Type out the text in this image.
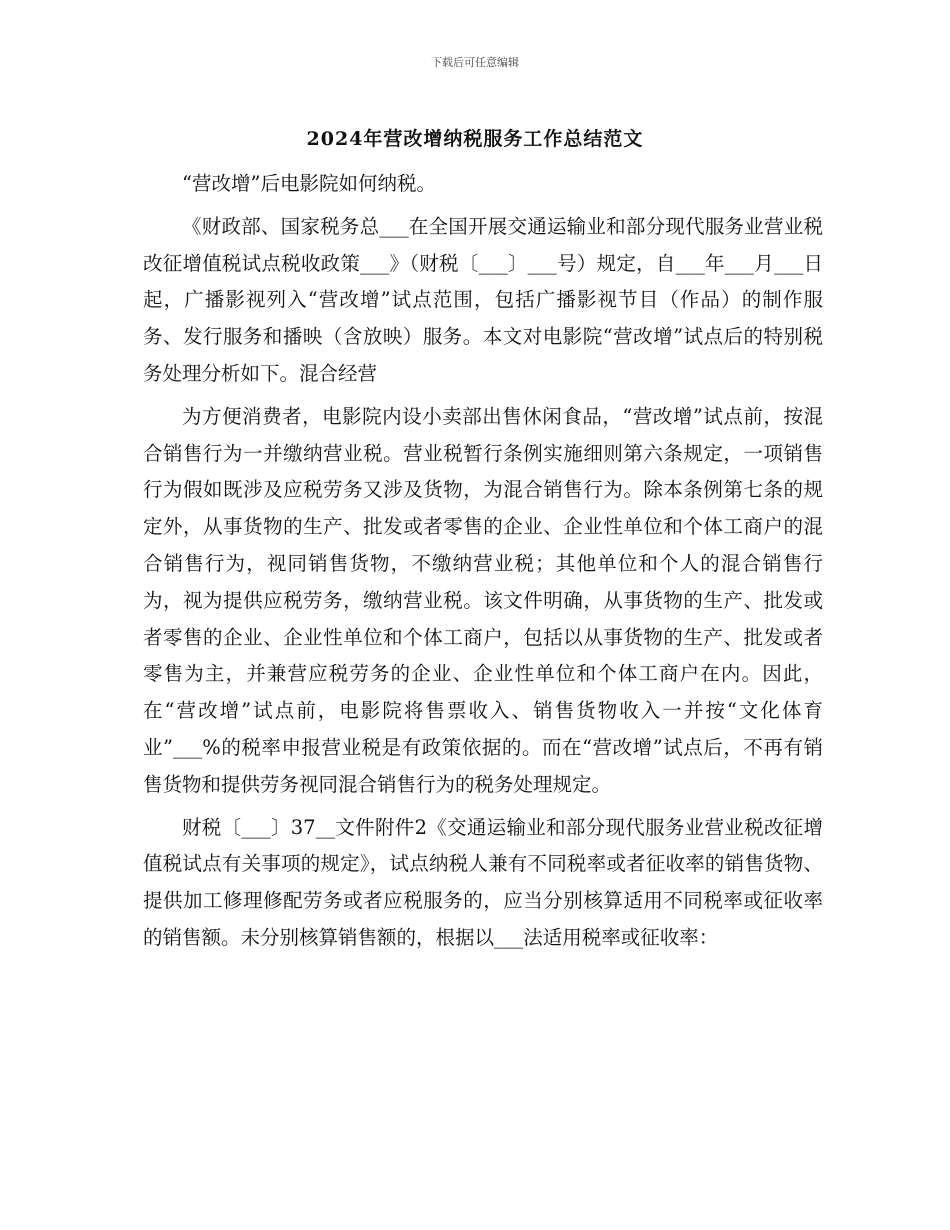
下载后可任意编辑
2024年营改增纳税服务工作总结范文

“营改增”后电影院如何纳税。

《财政部、国家税务总___在全国开展交通运输业和部分现代服务业营业税改征增值税试点税收政策___》（财税〔___〕___号）规定，自___年___月___日起，广播影视列入“营改增”试点范围，包括广播影视节目（作品）的制作服务、发行服务和播映（含放映）服务。本文对电影院“营改增”试点后的特别税务处理分析如下。混合经营

为方便消费者，电影院内设小卖部出售休闲食品，“营改增”试点前，按混合销售行为一并缴纳营业税。营业税暂行条例实施细则第六条规定，一项销售行为假如既涉及应税劳务又涉及货物，为混合销售行为。除本条例第七条的规定外，从事货物的生产、批发或者零售的企业、企业性单位和个体工商户的混合销售行为，视同销售货物，不缴纳营业税；其他单位和个人的混合销售行为，视为提供应税劳务，缴纳营业税。该文件明确，从事货物的生产、批发或者零售的企业、企业性单位和个体工商户，包括以从事货物的生产、批发或者零售为主，并兼营应税劳务的企业、企业性单位和个体工商户在内。因此，在“营改增”试点前，电影院将售票收入、销售货物收入一并按“文化体育业”___%的税率申报营业税是有政策依据的。而在“营改增”试点后，不再有销售货物和提供劳务视同混合销售行为的税务处理规定。

财税〔___〕37__文件附件2《交通运输业和部分现代服务业营业税改征增值税试点有关事项的规定》，试点纳税人兼有不同税率或者征收率的销售货物、提供加工修理修配劳务或者应税服务的，应当分别核算适用不同税率或征收率的销售额。未分别核算销售额的，根据以___法适用税率或征收率：
